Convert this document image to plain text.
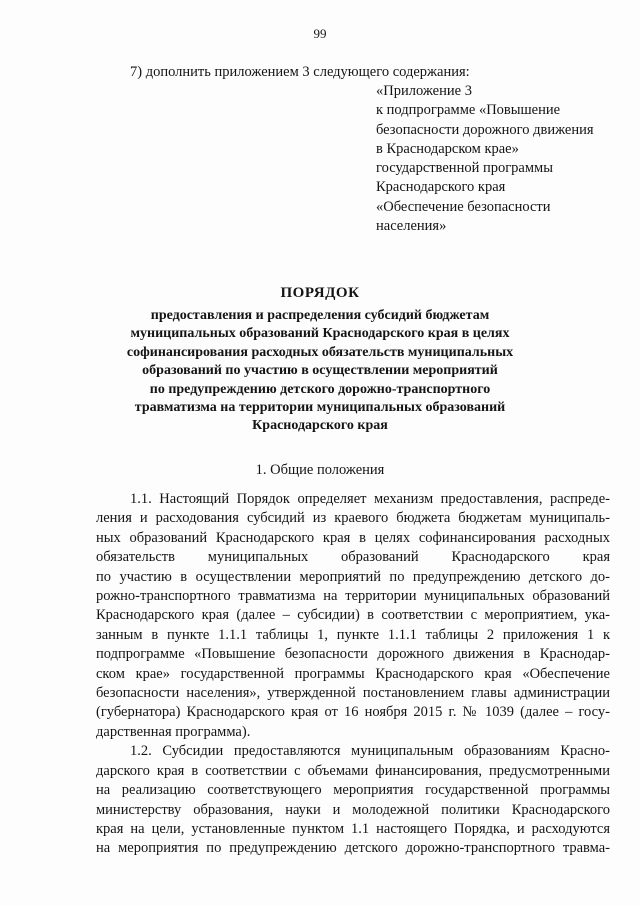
99
7) дополнить приложением 3 следующего содержания:
«Приложение 3
к подпрограмме «Повышение
безопасности дорожного движения
в Краснодарском крае»
государственной программы
Краснодарского края
«Обеспечение безопасности
населения»
ПОРЯДОК
предоставления и распределения субсидий бюджетам
муниципальных образований Краснодарского края в целях
софинансирования расходных обязательств муниципальных
образований по участию в осуществлении мероприятий
по предупреждению детского дорожно-транспортного
травматизма на территории муниципальных образований
Краснодарского края
1. Общие положения
1.1. Настоящий Порядок определяет механизм предоставления, распреде-
ления и расходования субсидий из краевого бюджета бюджетам муниципаль-
ных образований Краснодарского края в целях софинансирования расходных
обязательств муниципальных образований Краснодарского края
по участию в осуществлении мероприятий по предупреждению детского до-
рожно-транспортного травматизма на территории муниципальных образований
Краснодарского края (далее – субсидии) в соответствии с мероприятием, ука-
занным в пункте 1.1.1 таблицы 1, пункте 1.1.1 таблицы 2 приложения 1 к
подпрограмме «Повышение безопасности дорожного движения в Краснодар-
ском крае» государственной программы Краснодарского края «Обеспечение
безопасности населения», утвержденной постановлением главы администрации
(губернатора) Краснодарского края от 16 ноября 2015 г. № 1039 (далее – госу-
дарственная программа).
1.2. Субсидии предоставляются муниципальным образованиям Красно-
дарского края в соответствии с объемами финансирования, предусмотренными
на реализацию соответствующего мероприятия государственной программы
министерству образования, науки и молодежной политики Краснодарского
края на цели, установленные пунктом 1.1 настоящего Порядка, и расходуются
на мероприятия по предупреждению детского дорожно-транспортного травма-
